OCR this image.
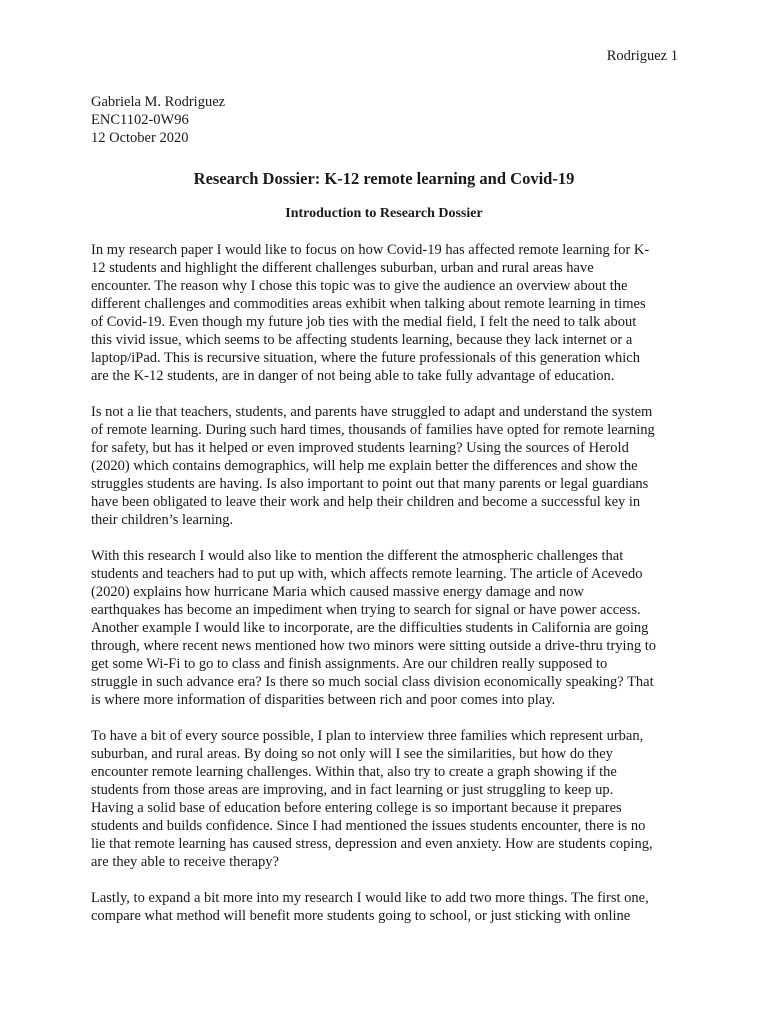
Rodriguez 1
Gabriela M. Rodriguez
ENC1102-0W96
12 October 2020
Research Dossier: K-12 remote learning and Covid-19
Introduction to Research Dossier
In my research paper I would like to focus on how Covid-19 has affected remote learning for K-
12 students and highlight the different challenges suburban, urban and rural areas have
encounter. The reason why I chose this topic was to give the audience an overview about the
different challenges and commodities areas exhibit when talking about remote learning in times
of Covid-19. Even though my future job ties with the medial field, I felt the need to talk about
this vivid issue, which seems to be affecting students learning, because they lack internet or a
laptop/iPad. This is recursive situation, where the future professionals of this generation which
are the K-12 students, are in danger of not being able to take fully advantage of education.
Is not a lie that teachers, students, and parents have struggled to adapt and understand the system
of remote learning. During such hard times, thousands of families have opted for remote learning
for safety, but has it helped or even improved students learning? Using the sources of Herold
(2020) which contains demographics, will help me explain better the differences and show the
struggles students are having. Is also important to point out that many parents or legal guardians
have been obligated to leave their work and help their children and become a successful key in
their children’s learning.
With this research I would also like to mention the different the atmospheric challenges that
students and teachers had to put up with, which affects remote learning. The article of Acevedo
(2020) explains how hurricane Maria which caused massive energy damage and now
earthquakes has become an impediment when trying to search for signal or have power access.
Another example I would like to incorporate, are the difficulties students in California are going
through, where recent news mentioned how two minors were sitting outside a drive-thru trying to
get some Wi-Fi to go to class and finish assignments. Are our children really supposed to
struggle in such advance era? Is there so much social class division economically speaking? That
is where more information of disparities between rich and poor comes into play.
To have a bit of every source possible, I plan to interview three families which represent urban,
suburban, and rural areas. By doing so not only will I see the similarities, but how do they
encounter remote learning challenges. Within that, also try to create a graph showing if the
students from those areas are improving, and in fact learning or just struggling to keep up.
Having a solid base of education before entering college is so important because it prepares
students and builds confidence. Since I had mentioned the issues students encounter, there is no
lie that remote learning has caused stress, depression and even anxiety. How are students coping,
are they able to receive therapy?
Lastly, to expand a bit more into my research I would like to add two more things. The first one,
compare what method will benefit more students going to school, or just sticking with online
